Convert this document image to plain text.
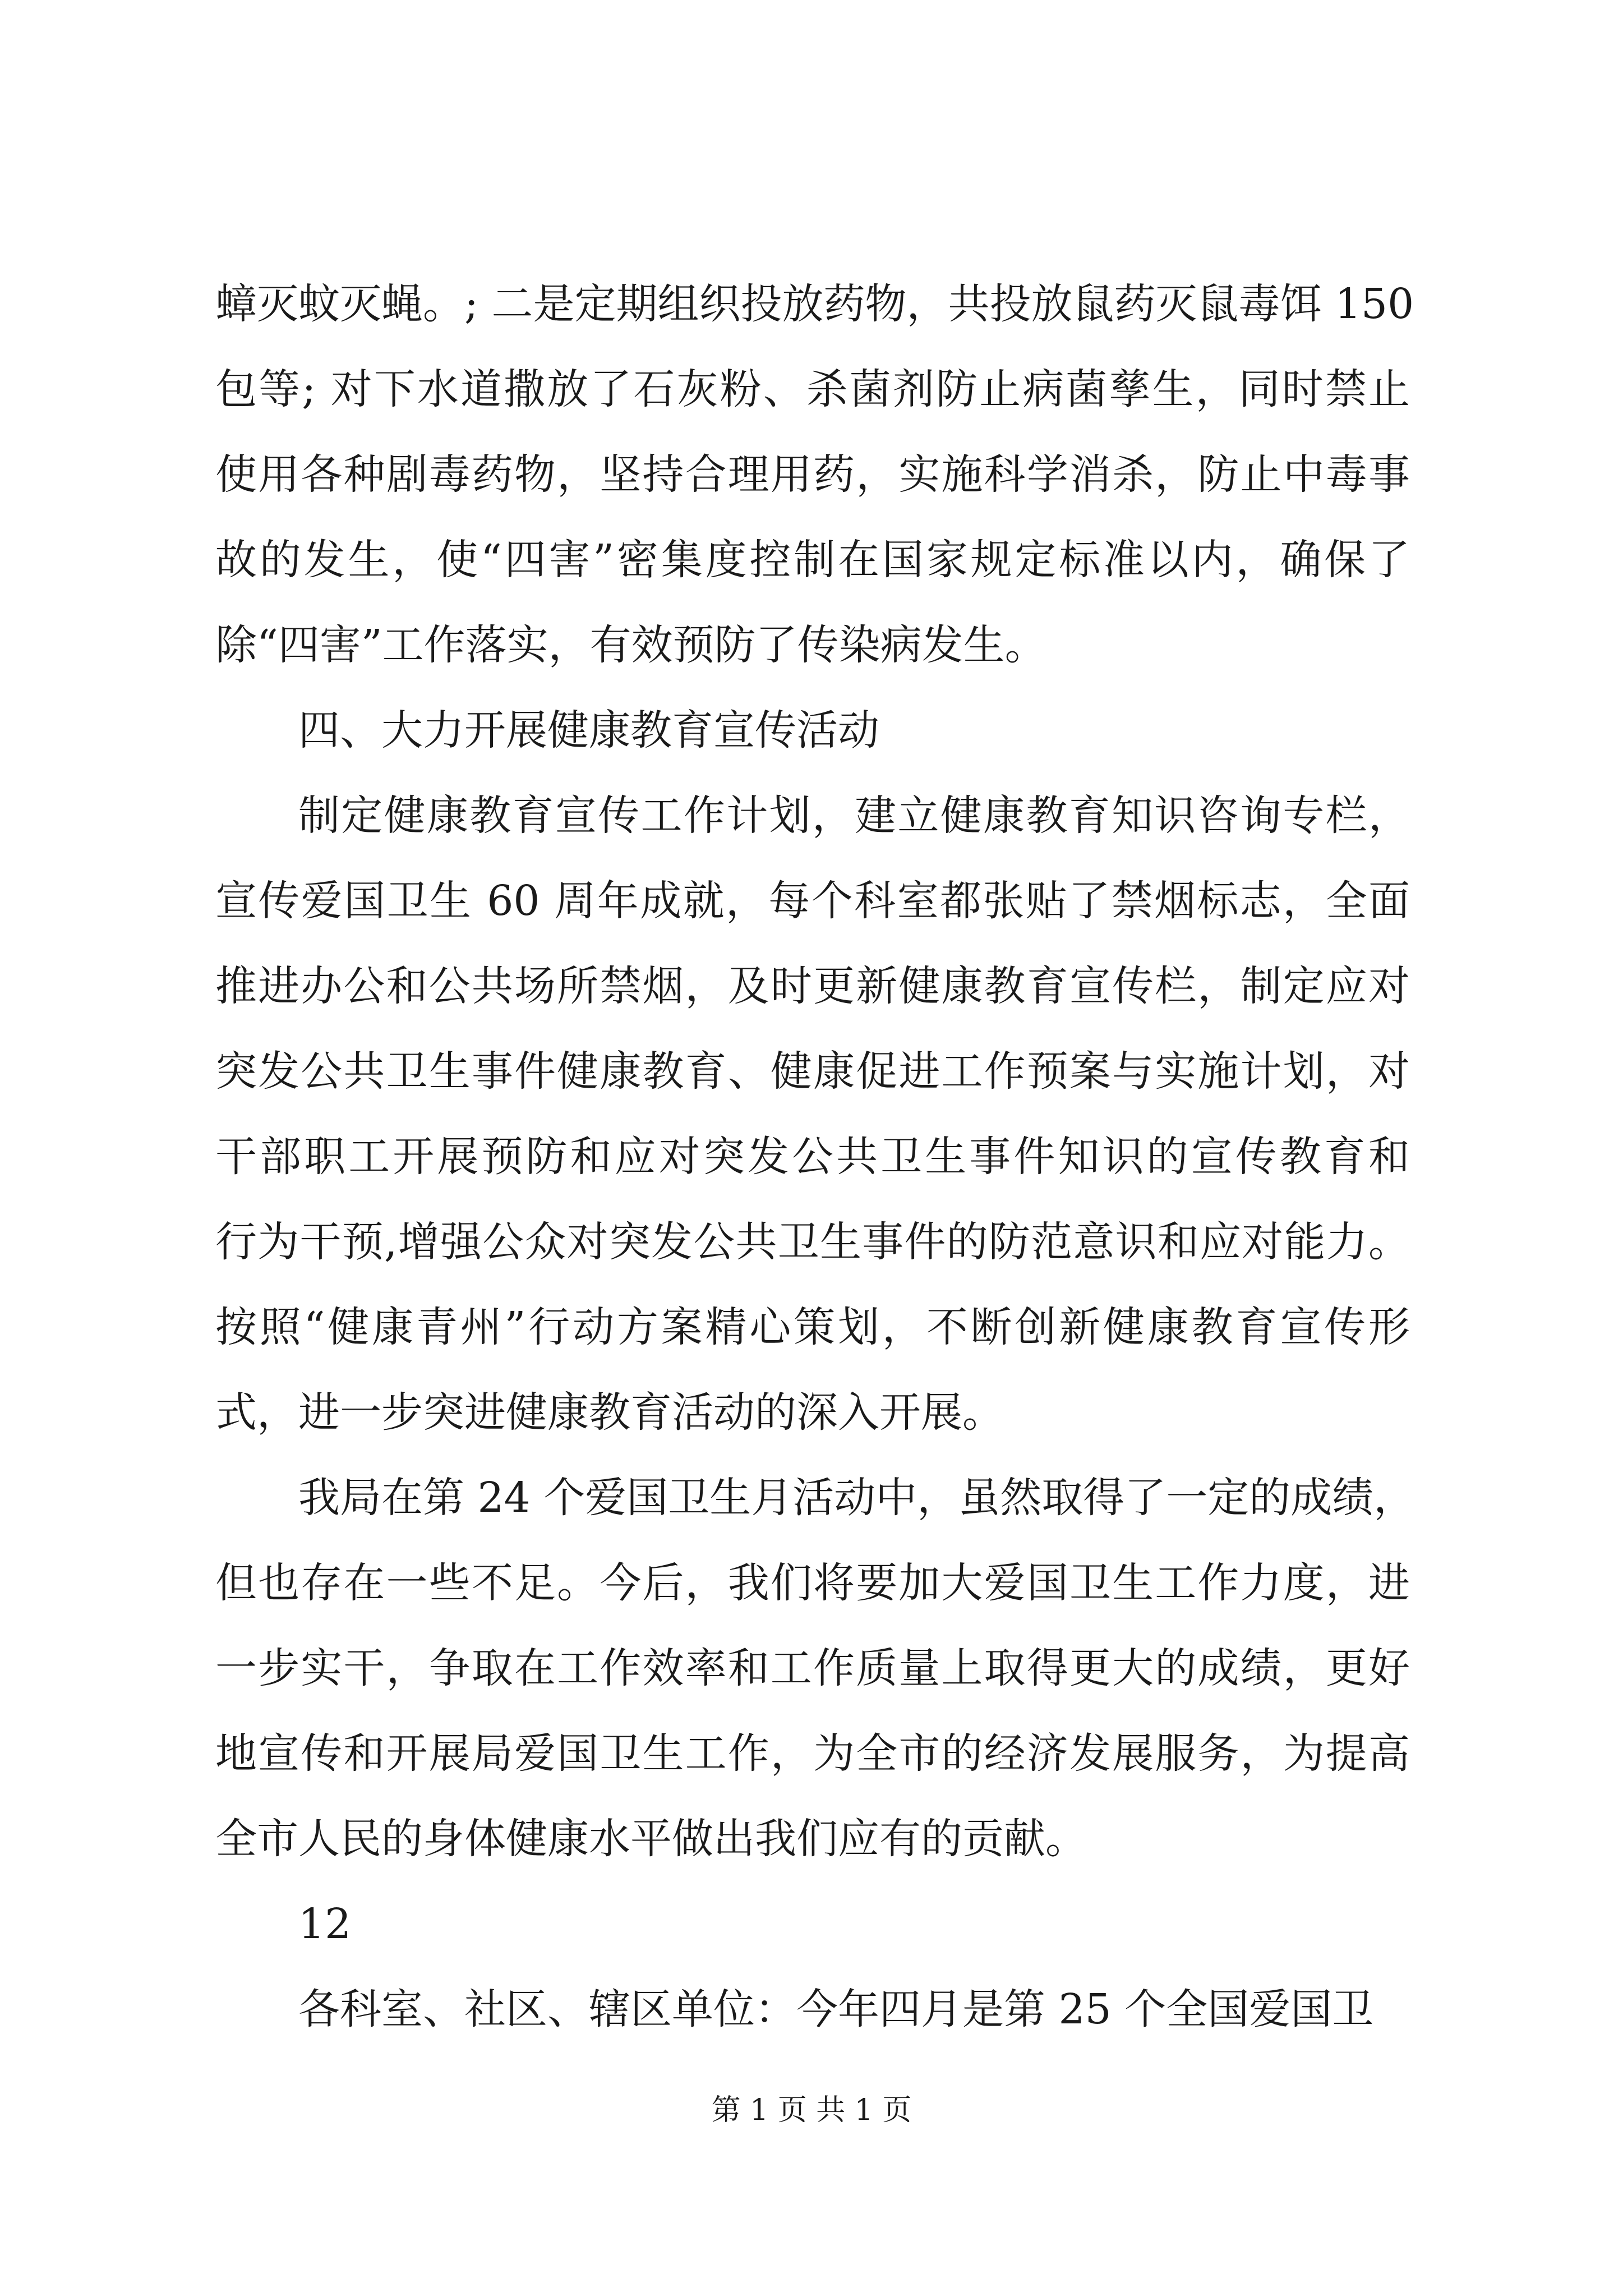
蟑灭蚊灭蝇。; 二是定期组织投放药物，共投放鼠药灭鼠毒饵 150
包等; 对下水道撒放了石灰粉、杀菌剂防止病菌孳生，同时禁止
使用各种剧毒药物，坚持合理用药，实施科学消杀，防止中毒事
故的发生，使“四害”密集度控制在国家规定标准以内，确保了
除“四害”工作落实，有效预防了传染病发生。
四、大力开展健康教育宣传活动
制定健康教育宣传工作计划，建立健康教育知识咨询专栏，
宣传爱国卫生 60 周年成就，每个科室都张贴了禁烟标志，全面
推进办公和公共场所禁烟，及时更新健康教育宣传栏，制定应对
突发公共卫生事件健康教育、健康促进工作预案与实施计划，对
干部职工开展预防和应对突发公共卫生事件知识的宣传教育和
行为干预,增强公众对突发公共卫生事件的防范意识和应对能力。
按照“健康青州”行动方案精心策划，不断创新健康教育宣传形
式，进一步突进健康教育活动的深入开展。
我局在第 24 个爱国卫生月活动中，虽然取得了一定的成绩，
但也存在一些不足。今后，我们将要加大爱国卫生工作力度，进
一步实干，争取在工作效率和工作质量上取得更大的成绩，更好
地宣传和开展局爱国卫生工作，为全市的经济发展服务，为提高
全市人民的身体健康水平做出我们应有的贡献。
12
各科室、社区、辖区单位：今年四月是第 25 个全国爱国卫
第 1 页 共 1 页
